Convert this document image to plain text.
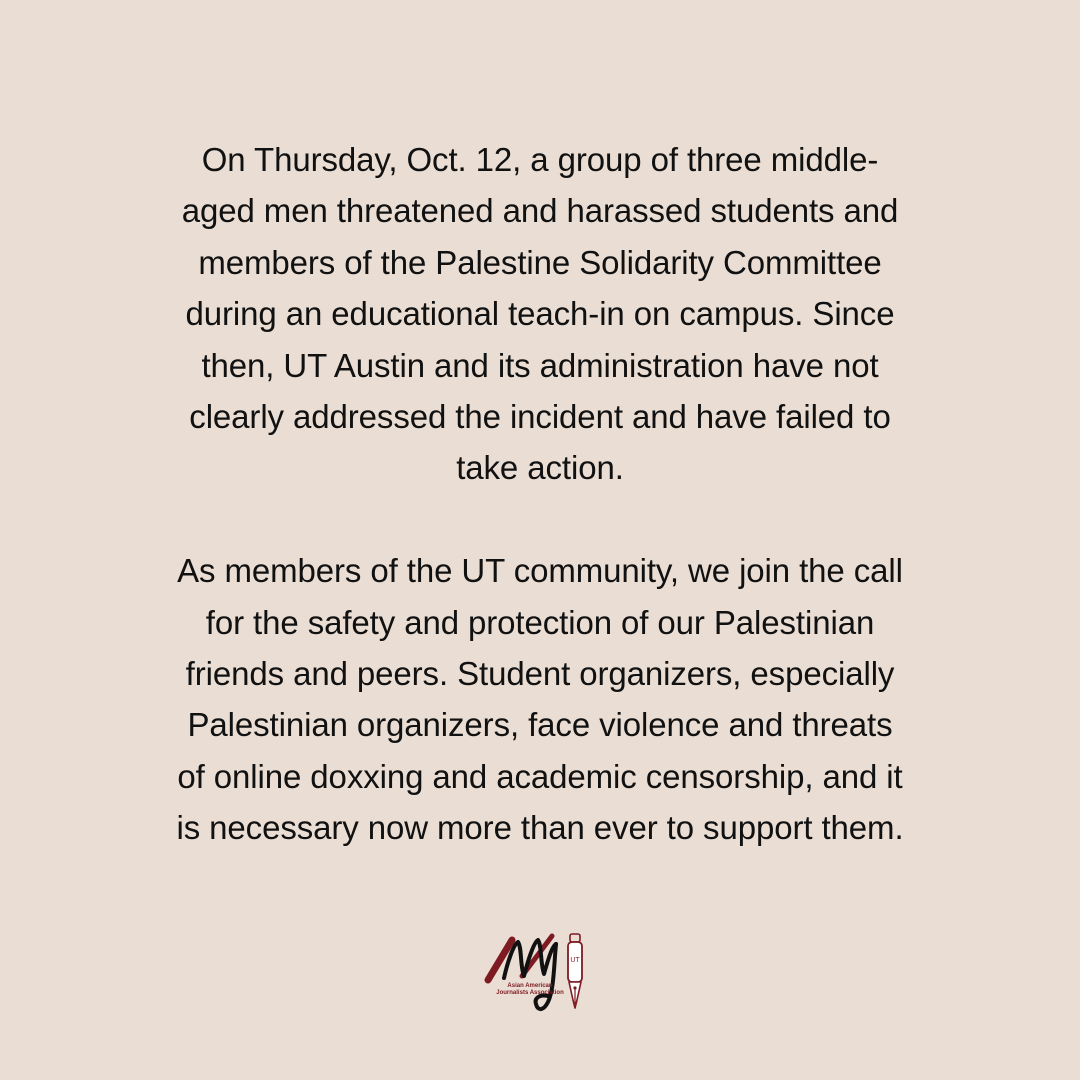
On Thursday, Oct. 12, a group of three middle-
aged men threatened and harassed students and
members of the Palestine Solidarity Committee
during an educational teach-in on campus. Since
then, UT Austin and its administration have not
clearly addressed the incident and have failed to
take action.

As members of the UT community, we join the call
for the safety and protection of our Palestinian
friends and peers. Student organizers, especially
Palestinian organizers, face violence and threats
of online doxxing and academic censorship, and it
is necessary now more than ever to support them.

UT
Asian American
Journalists Association
